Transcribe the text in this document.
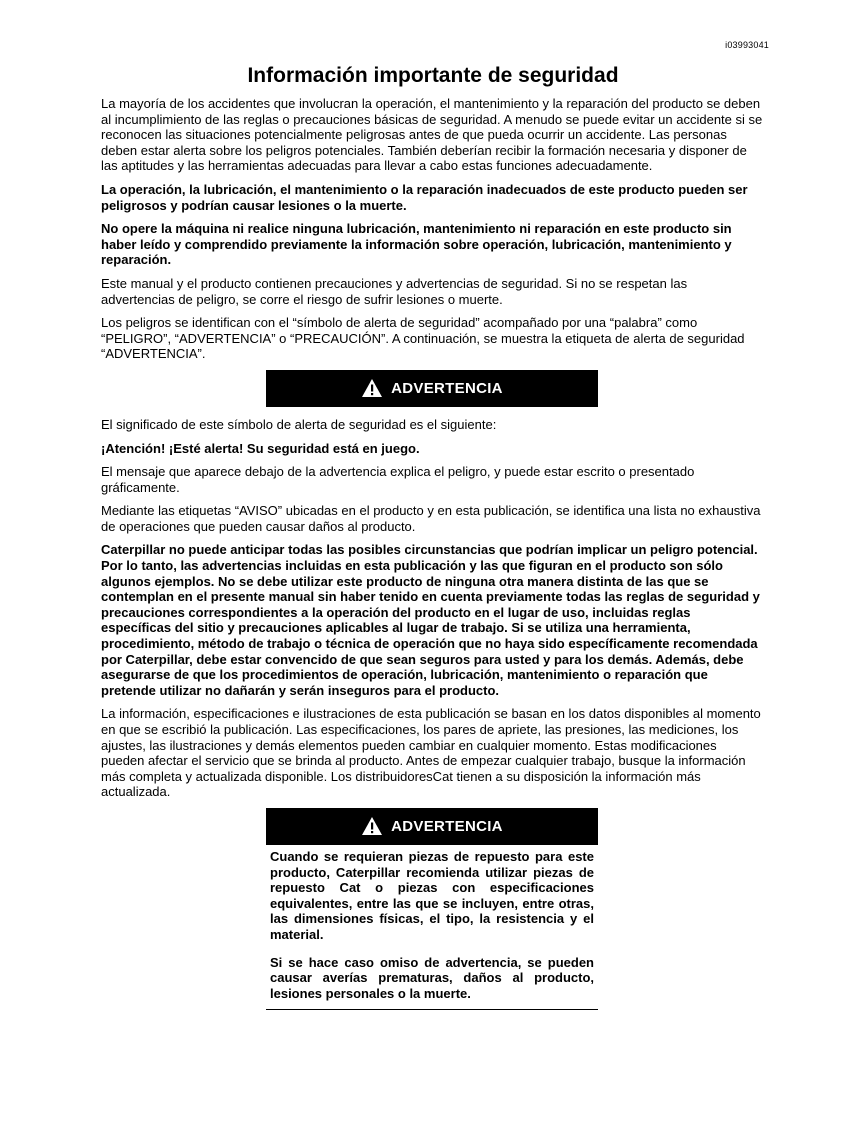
i03993041
Información importante de seguridad

La mayoría de los accidentes que involucran la operación, el mantenimiento y la reparación del producto se deben al incumplimiento de las reglas o precauciones básicas de seguridad. A menudo se puede evitar un accidente si se reconocen las situaciones potencialmente peligrosas antes de que pueda ocurrir un accidente. Las personas deben estar alerta sobre los peligros potenciales. También deberían recibir la formación necesaria y disponer de las aptitudes y las herramientas adecuadas para llevar a cabo estas funciones adecuadamente.

La operación, la lubricación, el mantenimiento o la reparación inadecuados de este producto pueden ser peligrosos y podrían causar lesiones o la muerte.

No opere la máquina ni realice ninguna lubricación, mantenimiento ni reparación en este producto sin haber leído y comprendido previamente la información sobre operación, lubricación, mantenimiento y reparación.

Este manual y el producto contienen precauciones y advertencias de seguridad. Si no se respetan las advertencias de peligro, se corre el riesgo de sufrir lesiones o muerte.

Los peligros se identifican con el “símbolo de alerta de seguridad” acompañado por una “palabra” como “PELIGRO”, “ADVERTENCIA” o “PRECAUCIÓN”. A continuación, se muestra la etiqueta de alerta de seguridad “ADVERTENCIA”.

ADVERTENCIA

El significado de este símbolo de alerta de seguridad es el siguiente:

¡Atención! ¡Esté alerta! Su seguridad está en juego.

El mensaje que aparece debajo de la advertencia explica el peligro, y puede estar escrito o presentado gráficamente.

Mediante las etiquetas “AVISO” ubicadas en el producto y en esta publicación, se identifica una lista no exhaustiva de operaciones que pueden causar daños al producto.

Caterpillar no puede anticipar todas las posibles circunstancias que podrían implicar un peligro potencial. Por lo tanto, las advertencias incluidas en esta publicación y las que figuran en el producto son sólo algunos ejemplos. No se debe utilizar este producto de ninguna otra manera distinta de las que se contemplan en el presente manual sin haber tenido en cuenta previamente todas las reglas de seguridad y precauciones correspondientes a la operación del producto en el lugar de uso, incluidas reglas específicas del sitio y precauciones aplicables al lugar de trabajo. Si se utiliza una herramienta, procedimiento, método de trabajo o técnica de operación que no haya sido específicamente recomendada por Caterpillar, debe estar convencido de que sean seguros para usted y para los demás. Además, debe asegurarse de que los procedimientos de operación, lubricación, mantenimiento o reparación que pretende utilizar no dañarán y serán inseguros para el producto.

La información, especificaciones e ilustraciones de esta publicación se basan en los datos disponibles al momento en que se escribió la publicación. Las especificaciones, los pares de apriete, las presiones, las mediciones, los ajustes, las ilustraciones y demás elementos pueden cambiar en cualquier momento. Estas modificaciones pueden afectar el servicio que se brinda al producto. Antes de empezar cualquier trabajo, busque la información más completa y actualizada disponible. Los distribuidoresCat tienen a su disposición la información más actualizada.

ADVERTENCIA

Cuando se requieran piezas de repuesto para este producto, Caterpillar recomienda utilizar piezas de repuesto Cat o piezas con especificaciones equivalentes, entre las que se incluyen, entre otras, las dimensiones físicas, el tipo, la resistencia y el material.

Si se hace caso omiso de advertencia, se pueden causar averías prematuras, daños al producto, lesiones personales o la muerte.
